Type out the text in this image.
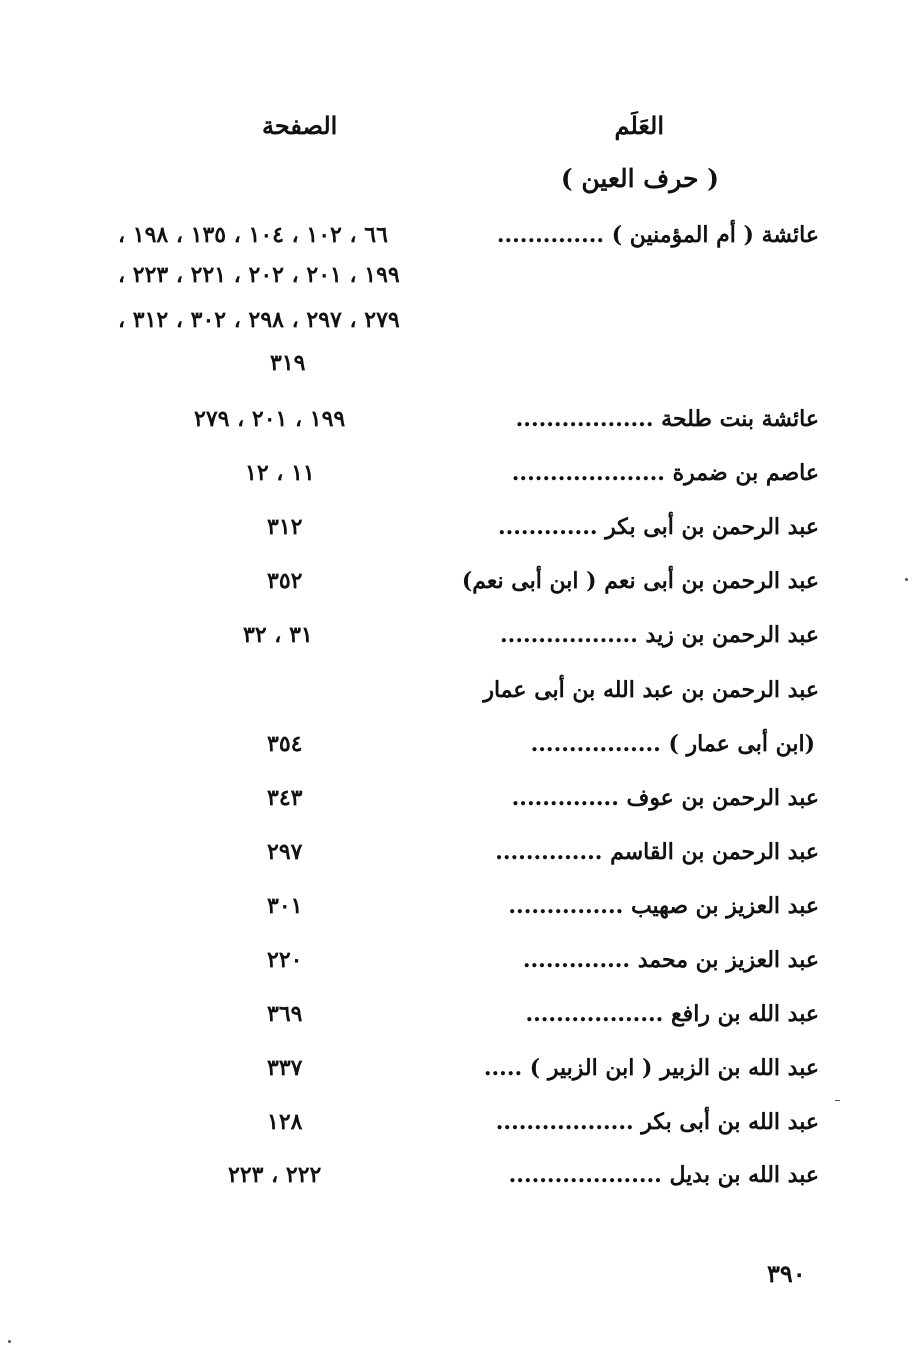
العَلَم
الصفحة
( حرف العين )
عائشة ( أم المؤمنين ) ..............
٦٦ ، ١٠٢ ، ١٠٤ ، ١٣٥ ، ١٩٨ ،
١٩٩ ، ٢٠١ ، ٢٠٢ ، ٢٢١ ، ٢٢٣ ،
٢٧٩ ، ٢٩٧ ، ٢٩٨ ، ٣٠٢ ، ٣١٢ ،
٣١٩
عائشة بنت طلحة ..................
١٩٩ ، ٢٠١ ، ٢٧٩
عاصم بن ضمرة ....................
١١ ، ١٢
عبد الرحمن بن أبى بكر .............
٣١٢
عبد الرحمن بن أبى نعم ( ابن أبى نعم)
٣٥٢
عبد الرحمن بن زيد ..................
٣١ ، ٣٢
عبد الرحمن بن عبد الله بن أبى عمار
(ابن أبى عمار ) .................
٣٥٤
عبد الرحمن بن عوف ..............
٣٤٣
عبد الرحمن بن القاسم ..............
٢٩٧
عبد العزيز بن صهيب ...............
٣٠١
عبد العزيز بن محمد ..............
٢٢٠
عبد الله بن رافع ..................
٣٦٩
عبد الله بن الزبير ( ابن الزبير ) .....
٣٣٧
عبد الله بن أبى بكر ..................
١٢٨
عبد الله بن بديل ....................
٢٢٢ ، ٢٢٣
٣٩٠
